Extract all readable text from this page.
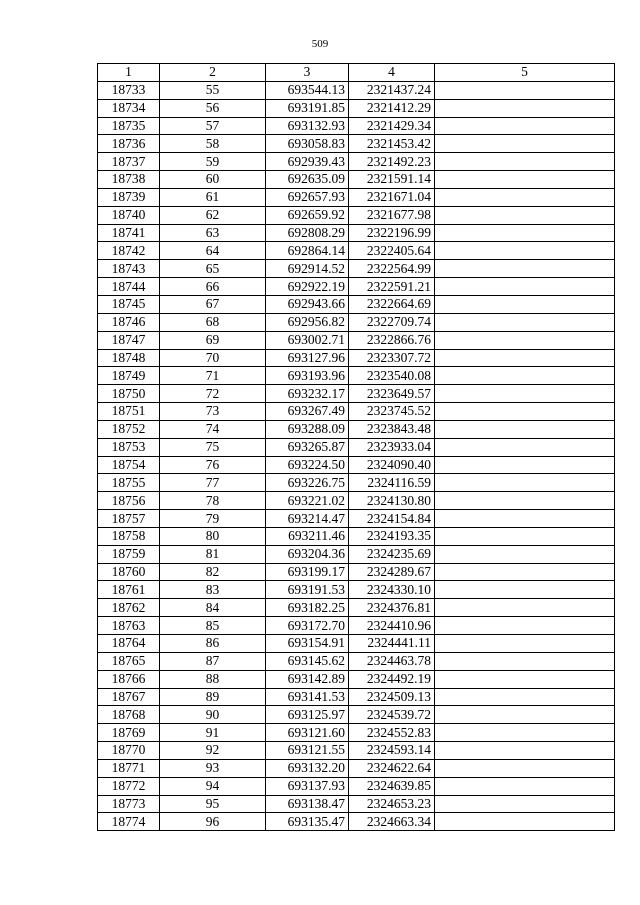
509
1	2	3	4	5
18733	55	693544.13	2321437.24	
18734	56	693191.85	2321412.29	
18735	57	693132.93	2321429.34	
18736	58	693058.83	2321453.42	
18737	59	692939.43	2321492.23	
18738	60	692635.09	2321591.14	
18739	61	692657.93	2321671.04	
18740	62	692659.92	2321677.98	
18741	63	692808.29	2322196.99	
18742	64	692864.14	2322405.64	
18743	65	692914.52	2322564.99	
18744	66	692922.19	2322591.21	
18745	67	692943.66	2322664.69	
18746	68	692956.82	2322709.74	
18747	69	693002.71	2322866.76	
18748	70	693127.96	2323307.72	
18749	71	693193.96	2323540.08	
18750	72	693232.17	2323649.57	
18751	73	693267.49	2323745.52	
18752	74	693288.09	2323843.48	
18753	75	693265.87	2323933.04	
18754	76	693224.50	2324090.40	
18755	77	693226.75	2324116.59	
18756	78	693221.02	2324130.80	
18757	79	693214.47	2324154.84	
18758	80	693211.46	2324193.35	
18759	81	693204.36	2324235.69	
18760	82	693199.17	2324289.67	
18761	83	693191.53	2324330.10	
18762	84	693182.25	2324376.81	
18763	85	693172.70	2324410.96	
18764	86	693154.91	2324441.11	
18765	87	693145.62	2324463.78	
18766	88	693142.89	2324492.19	
18767	89	693141.53	2324509.13	
18768	90	693125.97	2324539.72	
18769	91	693121.60	2324552.83	
18770	92	693121.55	2324593.14	
18771	93	693132.20	2324622.64	
18772	94	693137.93	2324639.85	
18773	95	693138.47	2324653.23	
18774	96	693135.47	2324663.34	
